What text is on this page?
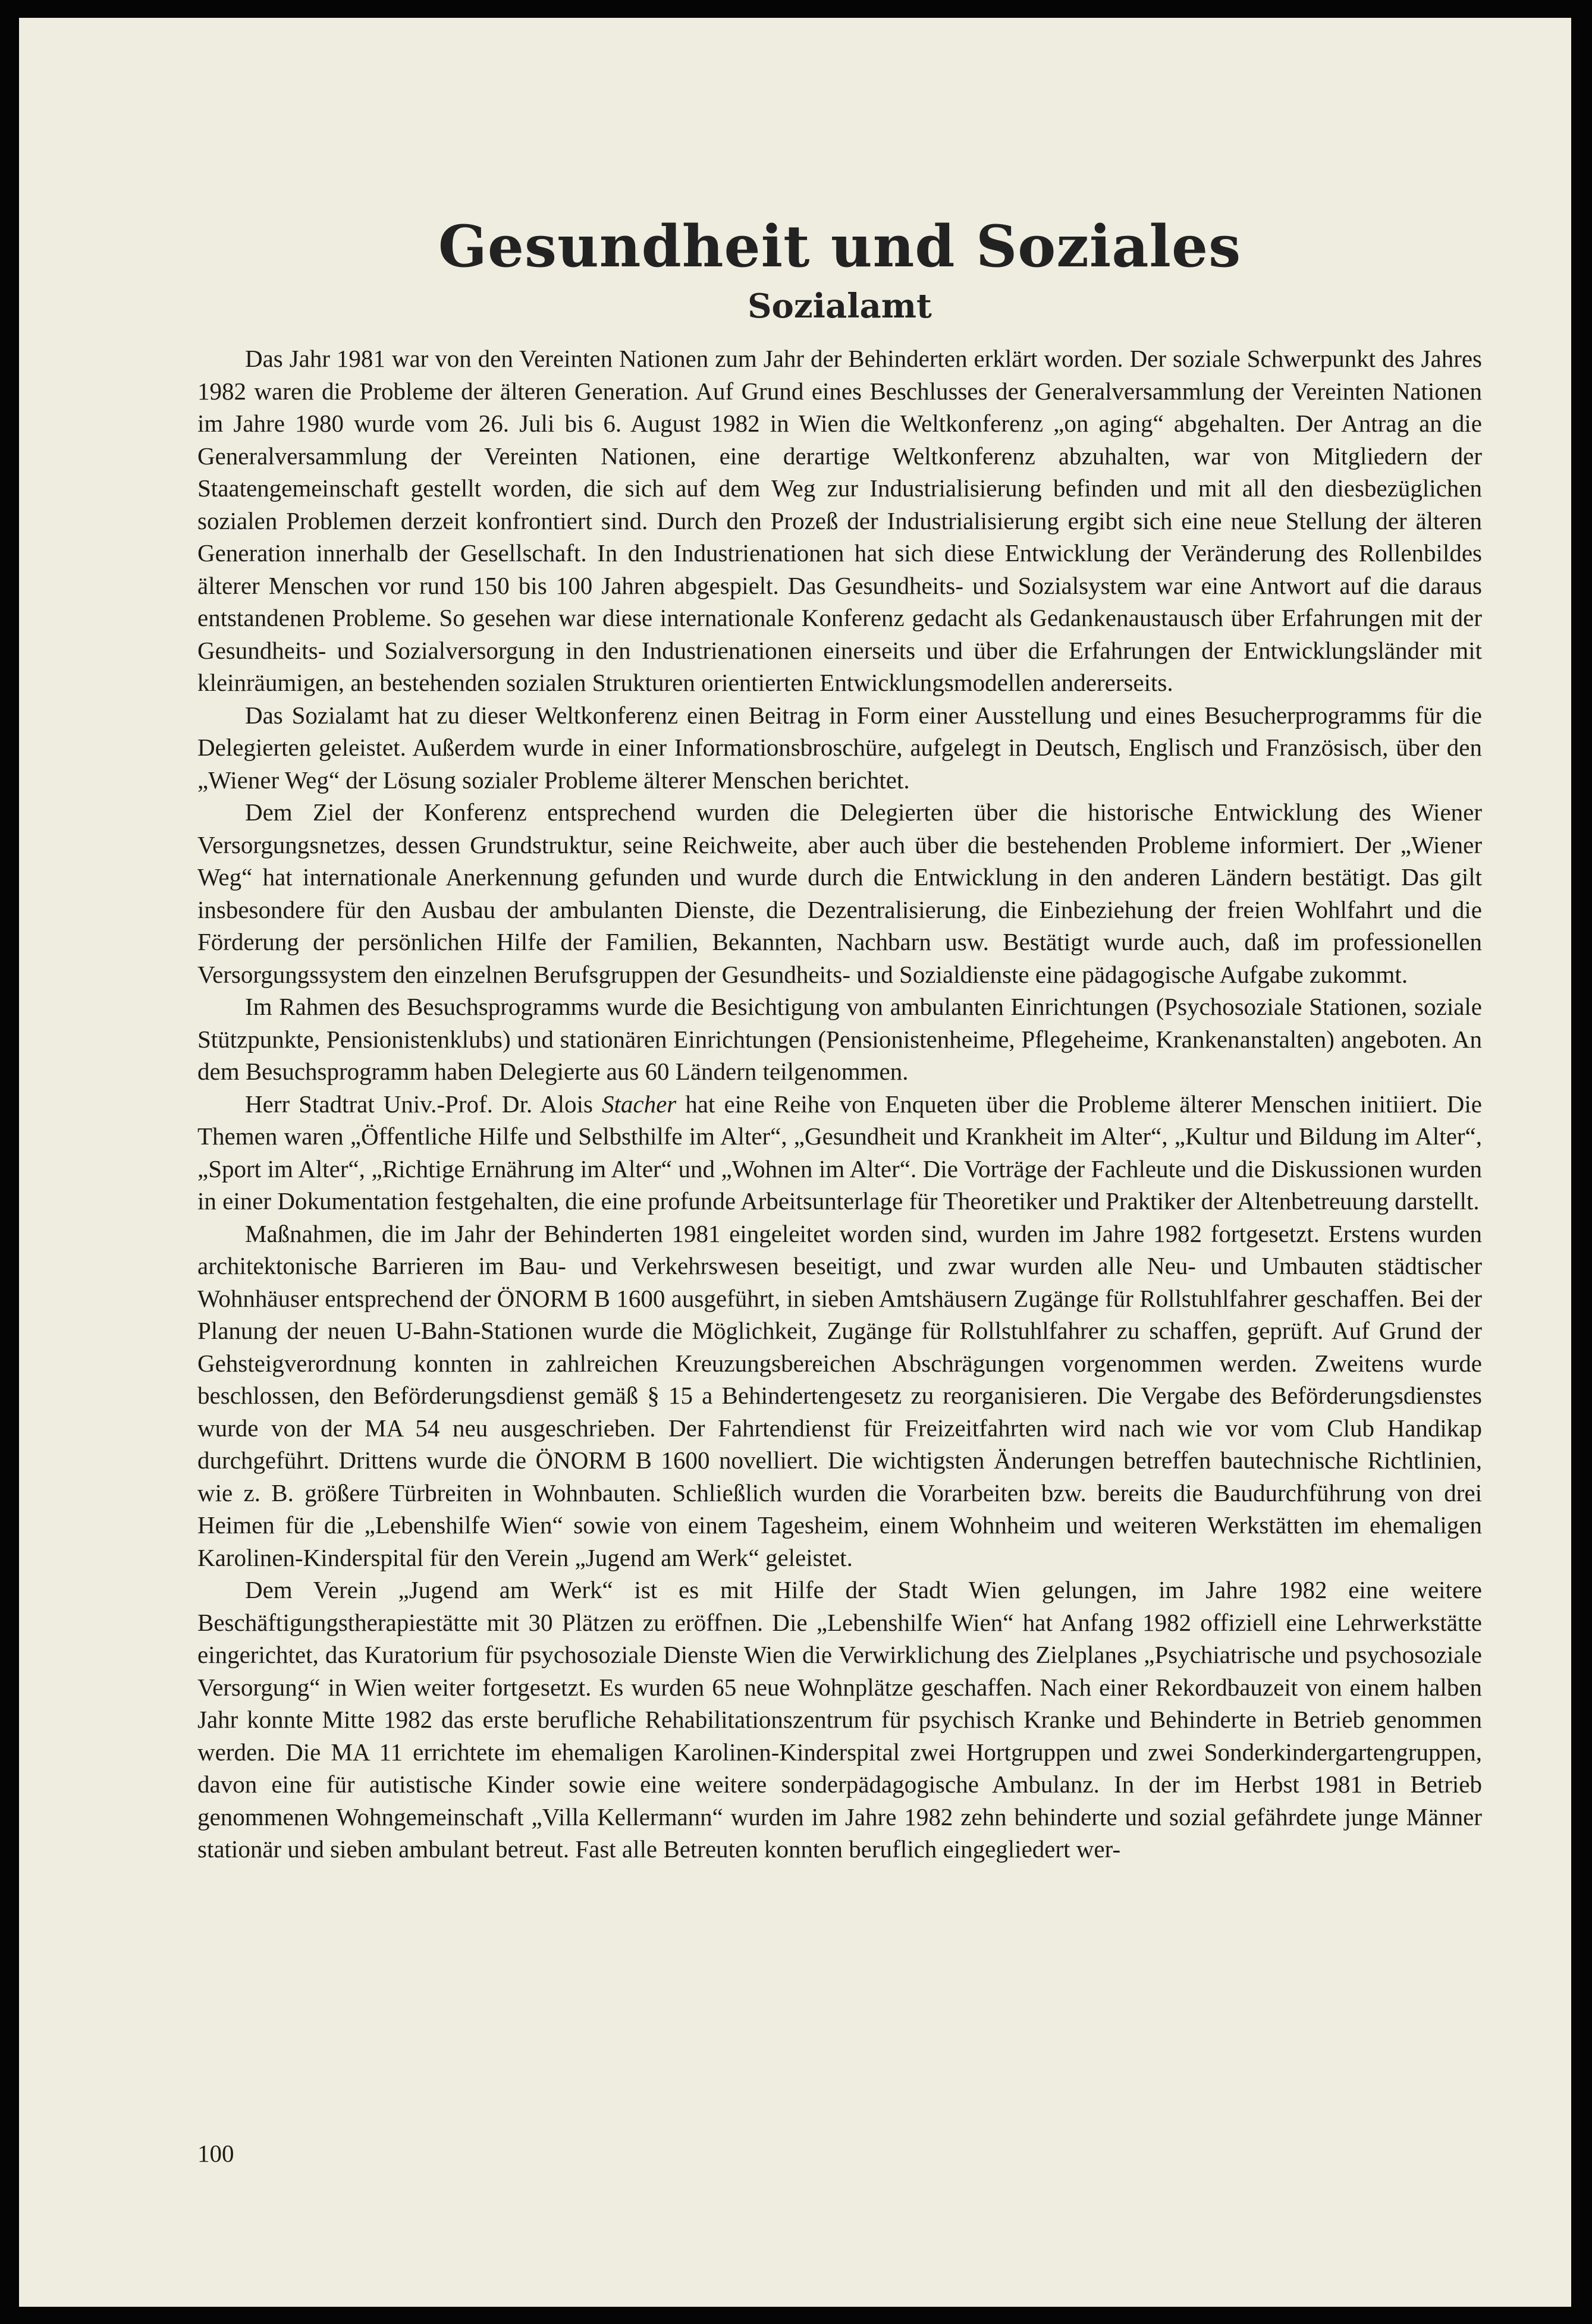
Gesundheit und Soziales
Sozialamt

Das Jahr 1981 war von den Vereinten Nationen zum Jahr der Behinderten erklärt worden. Der soziale Schwerpunkt des Jahres 1982 waren die Probleme der älteren Generation. Auf Grund eines Beschlusses der Generalversammlung der Vereinten Nationen im Jahre 1980 wurde vom 26. Juli bis 6. August 1982 in Wien die Weltkonferenz „on aging“ abgehalten. Der Antrag an die Generalversammlung der Vereinten Nationen, eine derartige Weltkonferenz abzuhalten, war von Mitgliedern der Staatengemeinschaft gestellt worden, die sich auf dem Weg zur Industrialisierung befinden und mit all den diesbezüglichen sozialen Problemen derzeit konfrontiert sind. Durch den Prozeß der Industrialisierung ergibt sich eine neue Stellung der älteren Generation innerhalb der Gesellschaft. In den Industrienationen hat sich diese Entwicklung der Veränderung des Rollenbildes älterer Menschen vor rund 150 bis 100 Jahren abgespielt. Das Gesundheits- und Sozialsystem war eine Antwort auf die daraus entstandenen Probleme. So gesehen war diese internationale Konferenz gedacht als Gedankenaustausch über Erfahrungen mit der Gesundheits- und Sozialversorgung in den Industrienationen einerseits und über die Erfahrungen der Entwicklungsländer mit kleinräumigen, an bestehenden sozialen Strukturen orientierten Entwicklungsmodellen andererseits.

Das Sozialamt hat zu dieser Weltkonferenz einen Beitrag in Form einer Ausstellung und eines Besucherprogramms für die Delegierten geleistet. Außerdem wurde in einer Informationsbroschüre, aufgelegt in Deutsch, Englisch und Französisch, über den „Wiener Weg“ der Lösung sozialer Probleme älterer Menschen berichtet.

Dem Ziel der Konferenz entsprechend wurden die Delegierten über die historische Entwicklung des Wiener Versorgungsnetzes, dessen Grundstruktur, seine Reichweite, aber auch über die bestehenden Probleme informiert. Der „Wiener Weg“ hat internationale Anerkennung gefunden und wurde durch die Entwicklung in den anderen Ländern bestätigt. Das gilt insbesondere für den Ausbau der ambulanten Dienste, die Dezentralisierung, die Einbeziehung der freien Wohlfahrt und die Förderung der persönlichen Hilfe der Familien, Bekannten, Nachbarn usw. Bestätigt wurde auch, daß im professionellen Versorgungssystem den einzelnen Berufsgruppen der Gesundheits- und Sozialdienste eine pädagogische Aufgabe zukommt.

Im Rahmen des Besuchsprogramms wurde die Besichtigung von ambulanten Einrichtungen (Psychosoziale Stationen, soziale Stützpunkte, Pensionistenklubs) und stationären Einrichtungen (Pensionistenheime, Pflegeheime, Krankenanstalten) angeboten. An dem Besuchsprogramm haben Delegierte aus 60 Ländern teilgenommen.

Herr Stadtrat Univ.-Prof. Dr. Alois Stacher hat eine Reihe von Enqueten über die Probleme älterer Menschen initiiert. Die Themen waren „Öffentliche Hilfe und Selbsthilfe im Alter“, „Gesundheit und Krankheit im Alter“, „Kultur und Bildung im Alter“, „Sport im Alter“, „Richtige Ernährung im Alter“ und „Wohnen im Alter“. Die Vorträge der Fachleute und die Diskussionen wurden in einer Dokumentation festgehalten, die eine profunde Arbeitsunterlage für Theoretiker und Praktiker der Altenbetreuung darstellt.

Maßnahmen, die im Jahr der Behinderten 1981 eingeleitet worden sind, wurden im Jahre 1982 fortgesetzt. Erstens wurden architektonische Barrieren im Bau- und Verkehrswesen beseitigt, und zwar wurden alle Neu- und Umbauten städtischer Wohnhäuser entsprechend der ÖNORM B 1600 ausgeführt, in sieben Amtshäusern Zugänge für Rollstuhlfahrer geschaffen. Bei der Planung der neuen U-Bahn-Stationen wurde die Möglichkeit, Zugänge für Rollstuhlfahrer zu schaffen, geprüft. Auf Grund der Gehsteigverordnung konnten in zahlreichen Kreuzungsbereichen Abschrägungen vorgenommen werden. Zweitens wurde beschlossen, den Beförderungsdienst gemäß § 15 a Behindertengesetz zu reorganisieren. Die Vergabe des Beförderungsdienstes wurde von der MA 54 neu ausgeschrieben. Der Fahrtendienst für Freizeitfahrten wird nach wie vor vom Club Handikap durchgeführt. Drittens wurde die ÖNORM B 1600 novelliert. Die wichtigsten Änderungen betreffen bautechnische Richtlinien, wie z. B. größere Türbreiten in Wohnbauten. Schließlich wurden die Vorarbeiten bzw. bereits die Baudurchführung von drei Heimen für die „Lebenshilfe Wien“ sowie von einem Tagesheim, einem Wohnheim und weiteren Werkstätten im ehemaligen Karolinen-Kinderspital für den Verein „Jugend am Werk“ geleistet.

Dem Verein „Jugend am Werk“ ist es mit Hilfe der Stadt Wien gelungen, im Jahre 1982 eine weitere Beschäftigungstherapiestätte mit 30 Plätzen zu eröffnen. Die „Lebenshilfe Wien“ hat Anfang 1982 offiziell eine Lehrwerkstätte eingerichtet, das Kuratorium für psychosoziale Dienste Wien die Verwirklichung des Zielplanes „Psychiatrische und psychosoziale Versorgung“ in Wien weiter fortgesetzt. Es wurden 65 neue Wohnplätze geschaffen. Nach einer Rekordbauzeit von einem halben Jahr konnte Mitte 1982 das erste berufliche Rehabilitationszentrum für psychisch Kranke und Behinderte in Betrieb genommen werden. Die MA 11 errichtete im ehemaligen Karolinen-Kinderspital zwei Hortgruppen und zwei Sonderkindergartengruppen, davon eine für autistische Kinder sowie eine weitere sonderpädagogische Ambulanz. In der im Herbst 1981 in Betrieb genommenen Wohngemeinschaft „Villa Kellermann“ wurden im Jahre 1982 zehn behinderte und sozial gefährdete junge Männer stationär und sieben ambulant betreut. Fast alle Betreuten konnten beruflich eingegliedert wer-

100
